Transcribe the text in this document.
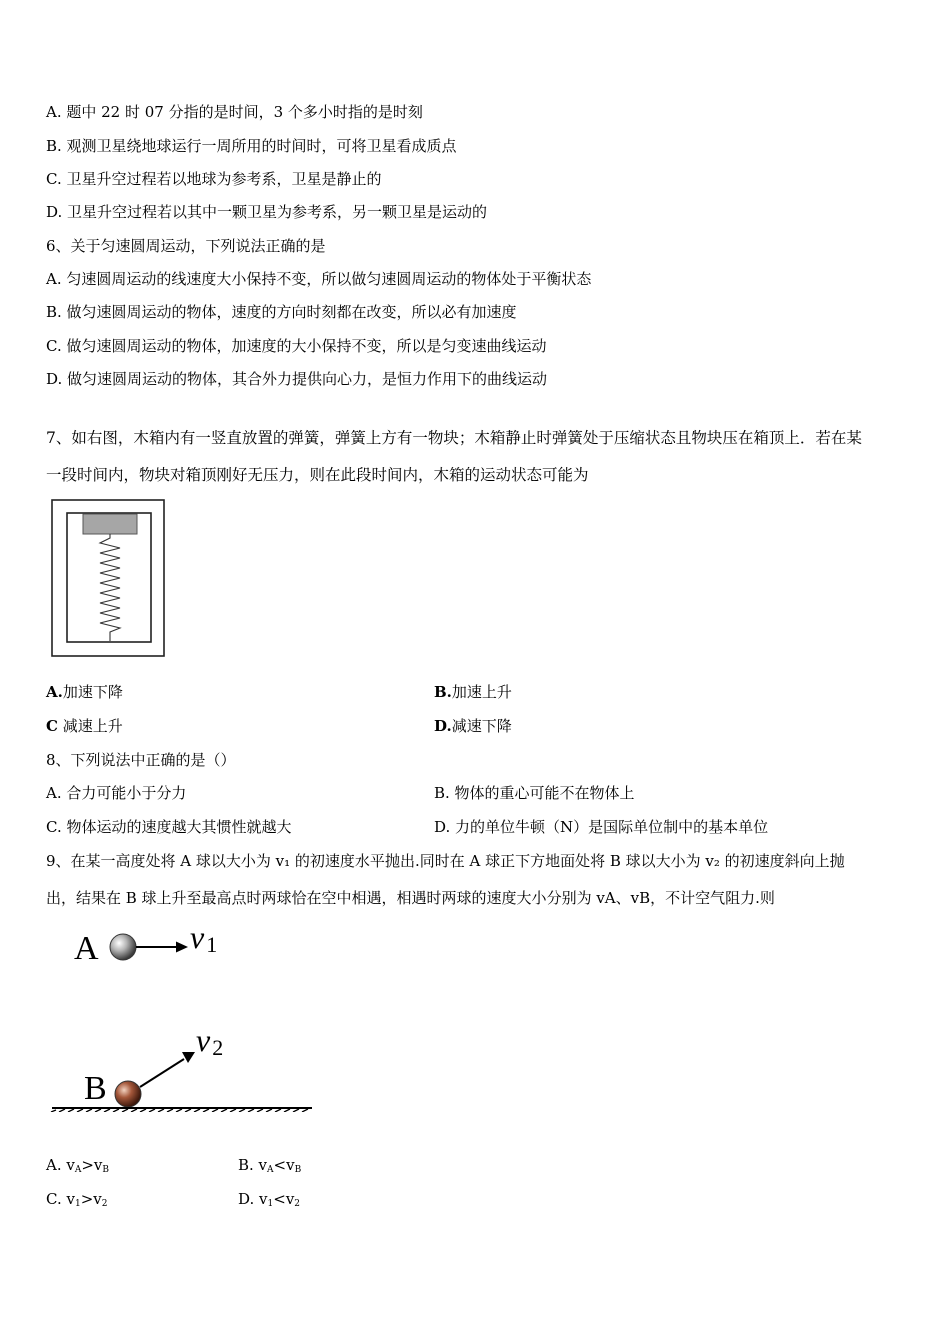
A. 题中 22 时 07 分指的是时间，3 个多小时指的是时刻
B. 观测卫星绕地球运行一周所用的时间时，可将卫星看成质点
C. 卫星升空过程若以地球为参考系，卫星是静止的
D. 卫星升空过程若以其中一颗卫星为参考系，另一颗卫星是运动的
6、关于匀速圆周运动，下列说法正确的是
A. 匀速圆周运动的线速度大小保持不变，所以做匀速圆周运动的物体处于平衡状态
B. 做匀速圆周运动的物体，速度的方向时刻都在改变，所以必有加速度
C. 做匀速圆周运动的物体，加速度的大小保持不变，所以是匀变速曲线运动
D. 做匀速圆周运动的物体，其合外力提供向心力，是恒力作用下的曲线运动
7、如右图，木箱内有一竖直放置的弹簧，弹簧上方有一物块；木箱静止时弹簧处于压缩状态且物块压在箱顶上．若在某
一段时间内，物块对箱顶刚好无压力，则在此段时间内，木箱的运动状态可能为
A.加速下降	B.加速上升
C 减速上升	D.减速下降
8、下列说法中正确的是（）
A. 合力可能小于分力	B. 物体的重心可能不在物体上
C. 物体运动的速度越大其惯性就越大	D. 力的单位牛顿（N）是国际单位制中的基本单位
9、在某一高度处将 A 球以大小为 v₁ 的初速度水平抛出.同时在 A 球正下方地面处将 B 球以大小为 v₂ 的初速度斜向上抛
出，结果在 B 球上升至最高点时两球恰在空中相遇，相遇时两球的速度大小分别为 vA、vB，不计空气阻力.则
A	v1
B
v2
A. $v_A>v_B$	B. $v_A<v_B$
C. $v_1>v_2$	D. $v_1<v_2$
